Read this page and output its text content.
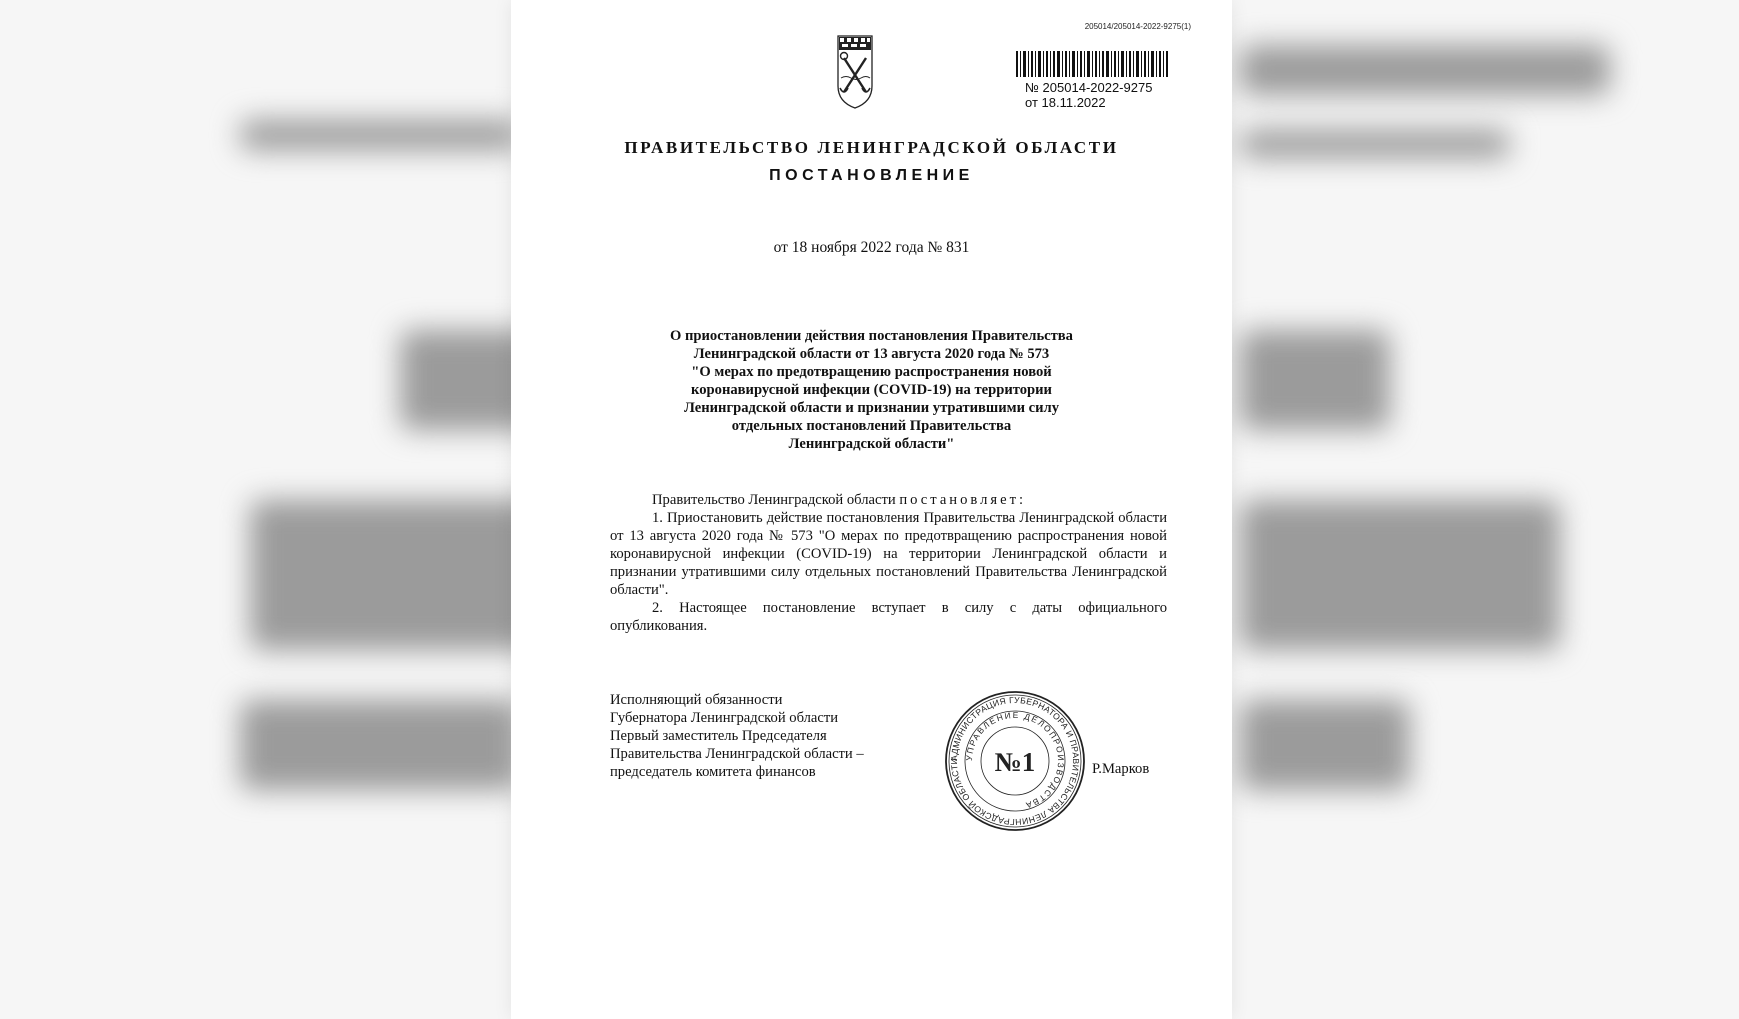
205014/205014-2022-9275(1)
№ 205014-2022-9275
от 18.11.2022
ПРАВИТЕЛЬСТВО ЛЕНИНГРАДСКОЙ ОБЛАСТИ
ПОСТАНОВЛЕНИЕ
от 18 ноября 2022 года № 831
О приостановлении действия постановления Правительства
Ленинградской области от 13 августа 2020 года № 573
"О мерах по предотвращению распространения новой
коронавирусной инфекции (COVID-19) на территории
Ленинградской области и признании утратившими силу
отдельных постановлений Правительства
Ленинградской области"
Правительство Ленинградской области постановляет:
1. Приостановить действие постановления Правительства Ленинградской области от 13 августа 2020 года № 573 "О мерах по предотвращению распространения новой коронавирусной инфекции (COVID-19) на территории Ленинградской области и признании утратившими силу отдельных постановлений Правительства Ленинградской области".
2. Настоящее постановление вступает в силу с даты официального опубликования.
Исполняющий обязанности
Губернатора Ленинградской области
Первый заместитель Председателя
Правительства Ленинградской области –
председатель комитета финансов
АДМИНИСТРАЦИЯ ГУБЕРНАТОРА И ПРАВИТЕЛЬСТВА ЛЕНИНГРАДСКОЙ ОБЛАСТИ
УПРАВЛЕНИЕ ДЕЛОПРОИЗВОДСТВА
№1	Р.Марков
